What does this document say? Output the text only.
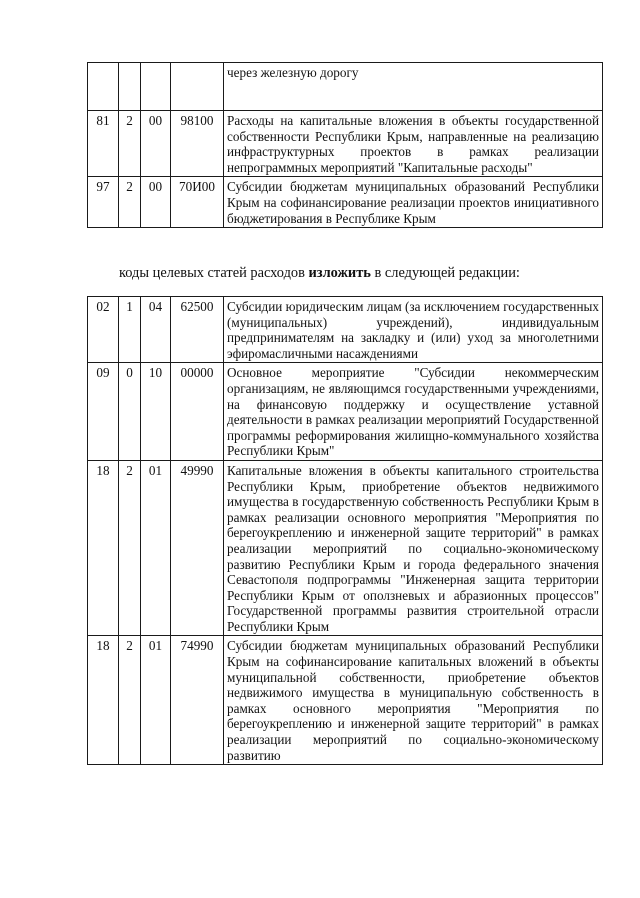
				через железную дорогу
81	2	00	98100	Расходы на капитальные вложения в объекты государственной собственности Республики Крым, направленные на реализацию инфраструктурных проектов в рамках реализации непрограммных мероприятий "Капитальные расходы"
97	2	00	70И00	Субсидии бюджетам муниципальных образований Республики Крым на софинансирование реализации проектов инициативного бюджетирования в Республике Крым
коды целевых статей расходов изложить в следующей редакции:
02	1	04	62500	Субсидии юридическим лицам (за исключением государственных (муниципальных) учреждений), индивидуальным предпринимателям на закладку и (или) уход за многолетними эфиромасличными насаждениями
09	0	10	00000	Основное мероприятие "Субсидии некоммерческим организациям, не являющимся государственными учреждениями, на финансовую поддержку и осуществление уставной деятельности в рамках реализации мероприятий Государственной программы реформирования жилищно-коммунального хозяйства Республики Крым"
18	2	01	49990	Капитальные вложения в объекты капитального строительства Республики Крым, приобретение объектов недвижимого имущества в государственную собственность Республики Крым в рамках реализации основного мероприятия "Мероприятия по берегоукреплению и инженерной защите территорий" в рамках реализации мероприятий по социально-экономическому развитию Республики Крым и города федерального значения Севастополя подпрограммы "Инженерная защита территории Республики Крым от оползневых и абразионных процессов" Государственной программы развития строительной отрасли Республики Крым
18	2	01	74990	Субсидии бюджетам муниципальных образований Республики Крым на софинансирование капитальных вложений в объекты муниципальной собственности, приобретение объектов недвижимого имущества в муниципальную собственность в рамках основного мероприятия "Мероприятия по берегоукреплению и инженерной защите территорий" в рамках реализации мероприятий по социально-экономическому развитию
